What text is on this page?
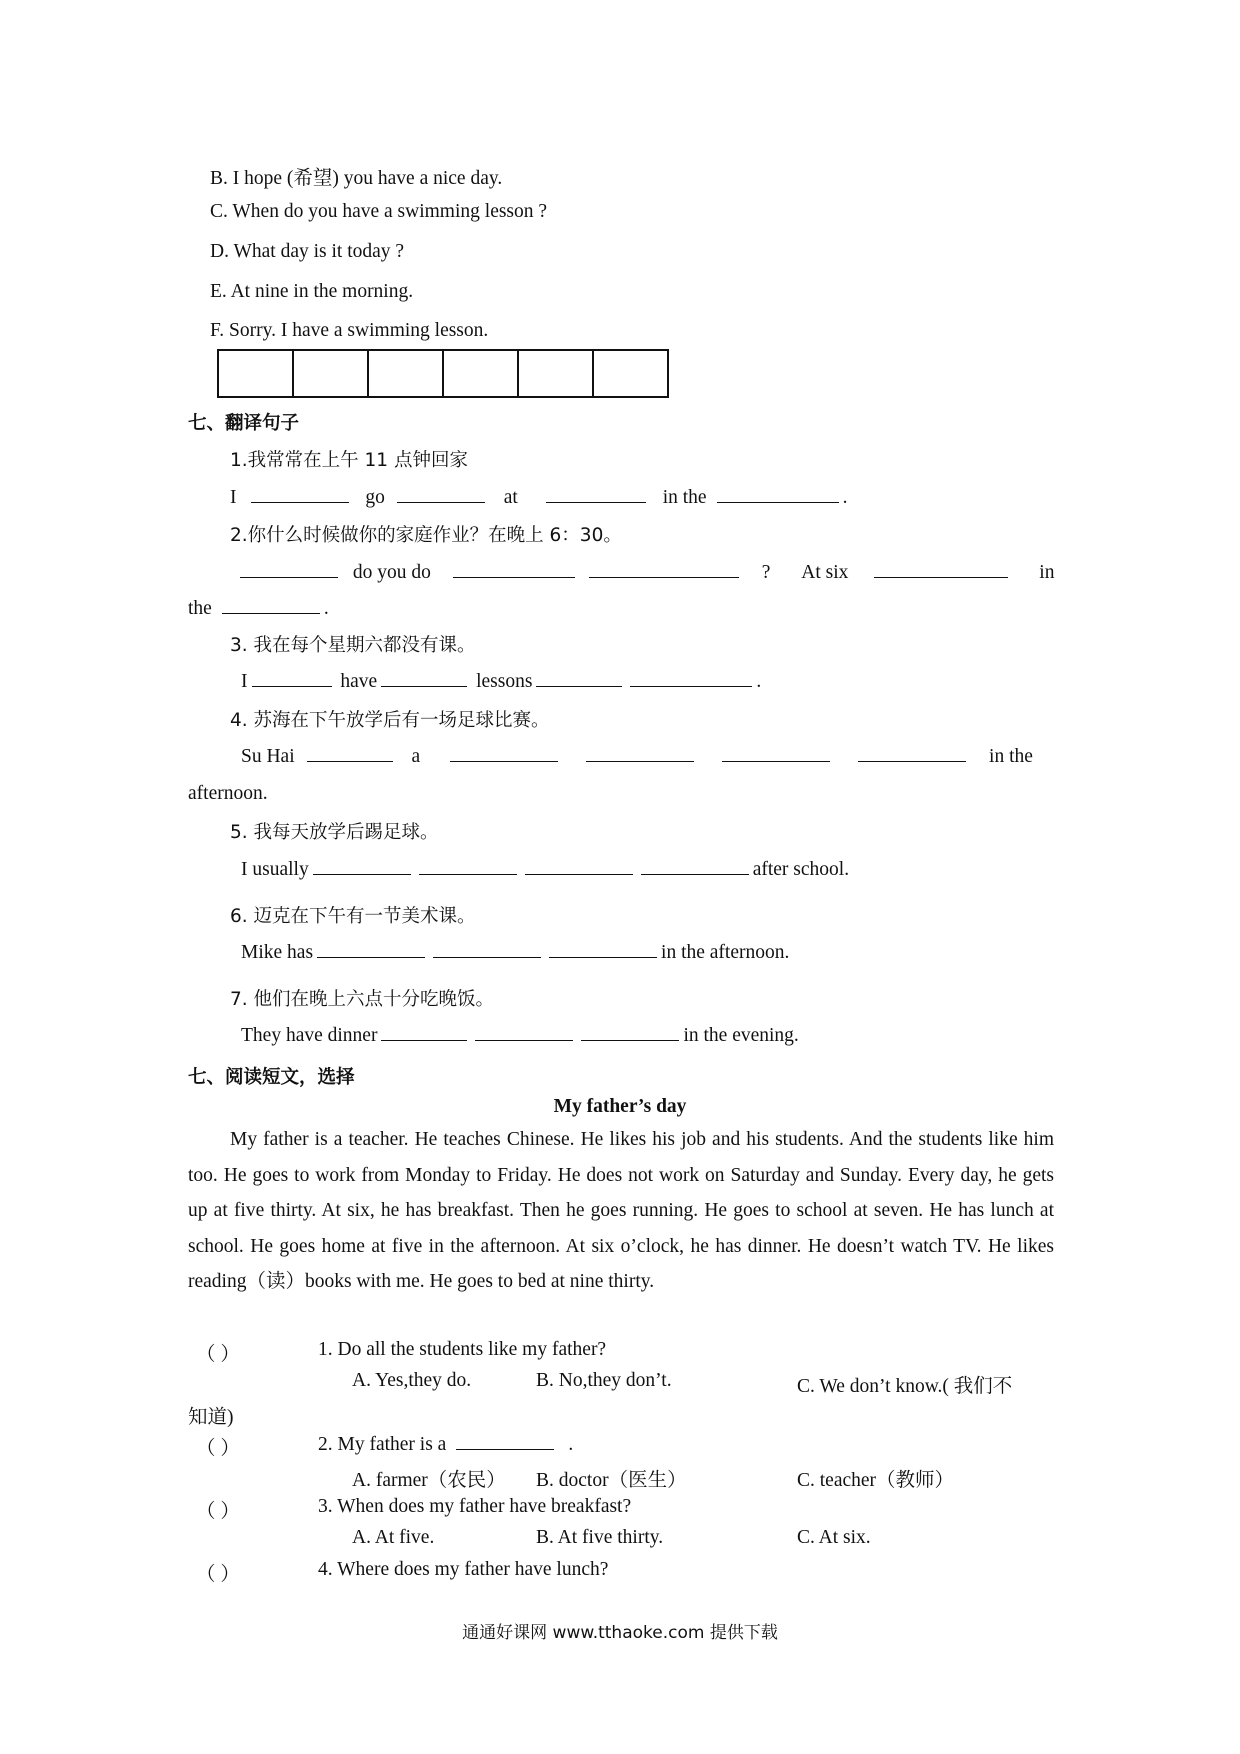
B. I hope (希望) you have a nice day.
C. When do you have a swimming lesson ?
D. What day is it today ?
E. At nine in the morning.
F. Sorry. I have a swimming lesson.
七、翻译句子
1.我常常在上午 11 点钟回家
I	go	at	in the	.
2.你什么时候做你的家庭作业？在晚上 6：30。
do you do	? At six	in
the	.
3. 我在每个星期六都没有课。
I	have	lessons	.
4. 苏海在下午放学后有一场足球比赛。
Su Hai	a	in the
afternoon.
5. 我每天放学后踢足球。
I usually	after school.
6. 迈克在下午有一节美术课。
Mike has	in the afternoon.
7. 他们在晚上六点十分吃晚饭。
They have dinner	in the evening.
七、阅读短文，选择
My father’s day
My father is a teacher. He teaches Chinese. He likes his job and his students. And the students like him too. He goes to work from Monday to Friday. He does not work on Saturday and Sunday. Every day, he gets up at five thirty. At six, he has breakfast. Then he goes running. He goes to school at seven. He has lunch at school. He goes home at five in the afternoon. At six o’clock, he has dinner. He doesn’t watch TV. He likes reading（读）books with me. He goes to bed at nine thirty.
（ ）	1. Do all the students like my father?
A. Yes,they do.	B. No,they don’t.	C. We don’t know.( 我们不
知道)
（ ）	2. My father is a	.
A. farmer（农民） B. doctor（医生）	C. teacher（教师）
（ ）	3. When does my father have breakfast?
A. At five.	B. At five thirty.	C. At six.
（ ）	4. Where does my father have lunch?
通通好课网 www.tthaoke.com 提供下载
